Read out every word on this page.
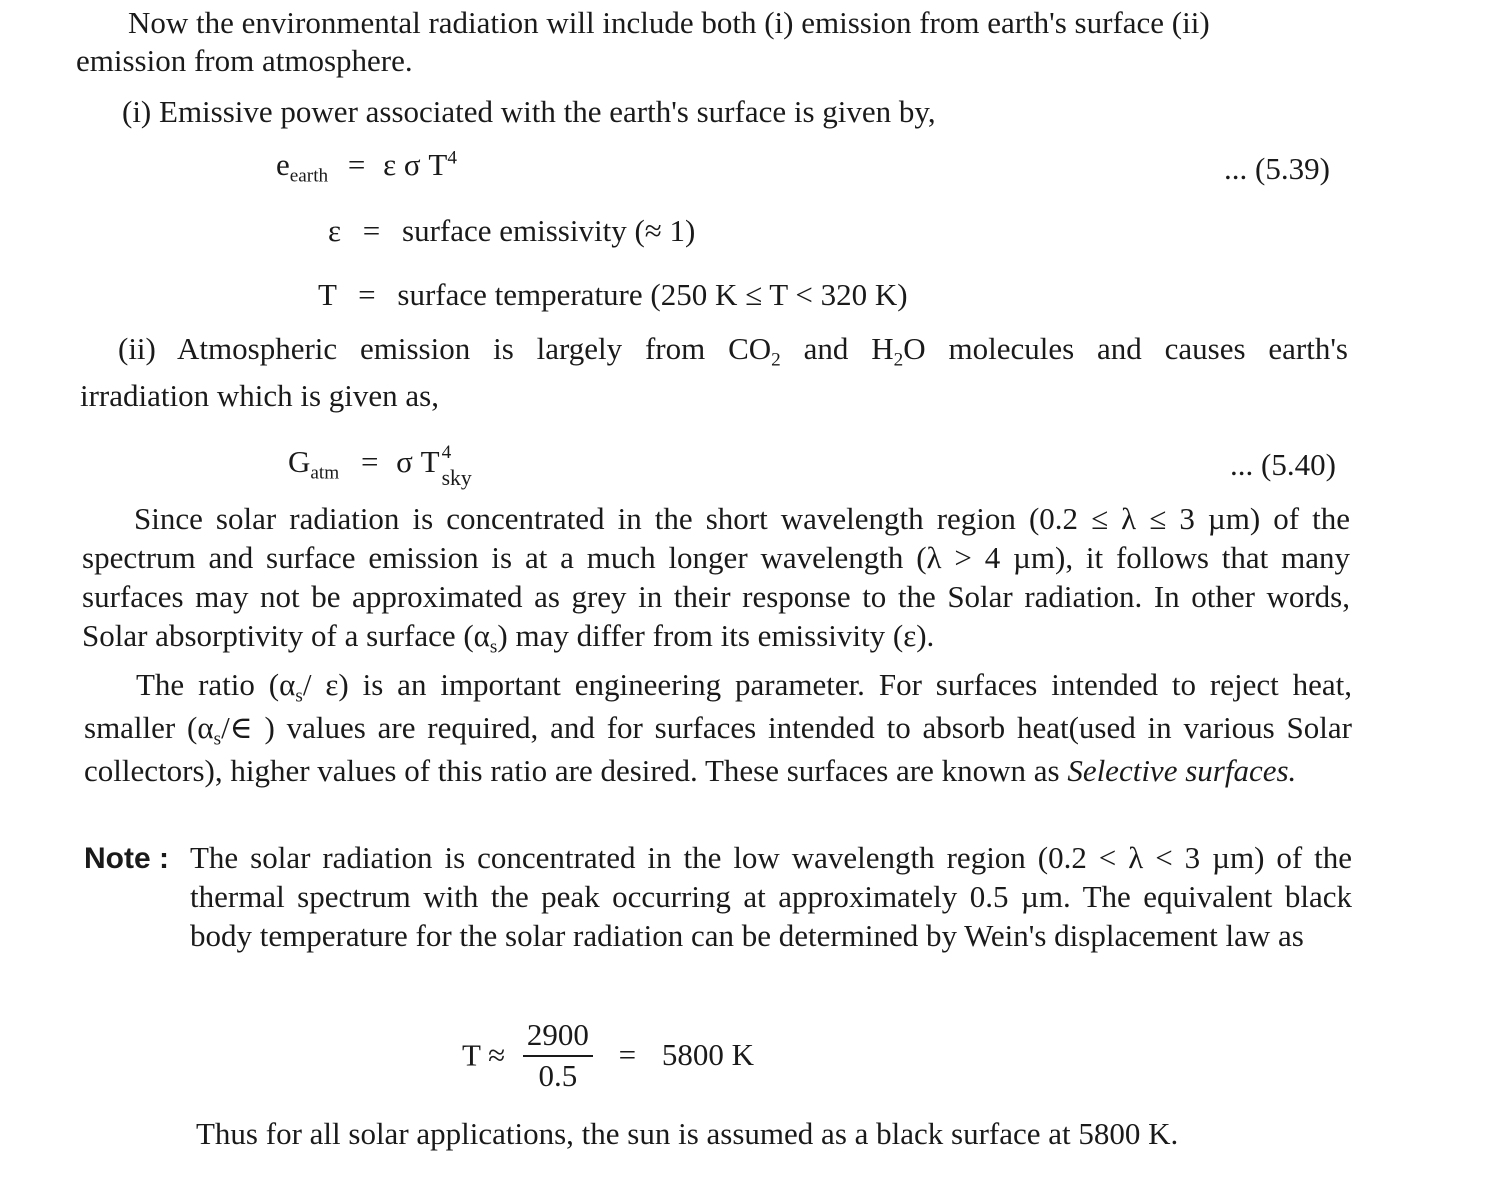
Now the environmental radiation will include both (i) emission from earth's surface (ii)
emission from atmosphere.
(i) Emissive power associated with the earth's surface is given by,
$e_{earth} = \varepsilon$ σ $T^4$	... (5.39)
ε = surface emissivity (≈ 1)
T = surface temperature (250 K ≤ T < 320 K)
(ii) Atmospheric emission is largely from $CO_2$ and $H_2O$ molecules and causes earth's
irradiation which is given as,
$G_{atm} = \sigma$ T 4
sky	... (5.40)
Since solar radiation is concentrated in the short wavelength region (0.2 ≤ λ ≤ 3 µm) of the spectrum and surface emission is at a much longer wavelength (λ > 4 µm), it follows that many surfaces may not be approximated as grey in their response to the Solar radiation. In other words, Solar absorptivity of a surface $(\alpha_s)$ may differ from its emissivity (ε).
The ratio ($\alpha_s/$ ε) is an important engineering parameter. For surfaces intended to reject heat, smaller ($\alpha_s/\in$ ) values are required, and for surfaces intended to absorb heat(used in various Solar collectors), higher values of this ratio are desired. These surfaces are known as Selective surfaces.
Note : The solar radiation is concentrated in the low wavelength region (0.2 < λ < 3 µm) of the thermal spectrum with the peak occurring at approximately 0.5 µm. The equivalent black body temperature for the solar radiation can be determined by Wein's displacement law as
$T \approx \frac{2900}{0.5} = 5800$ K
Thus for all solar applications, the sun is assumed as a black surface at 5800 K.
